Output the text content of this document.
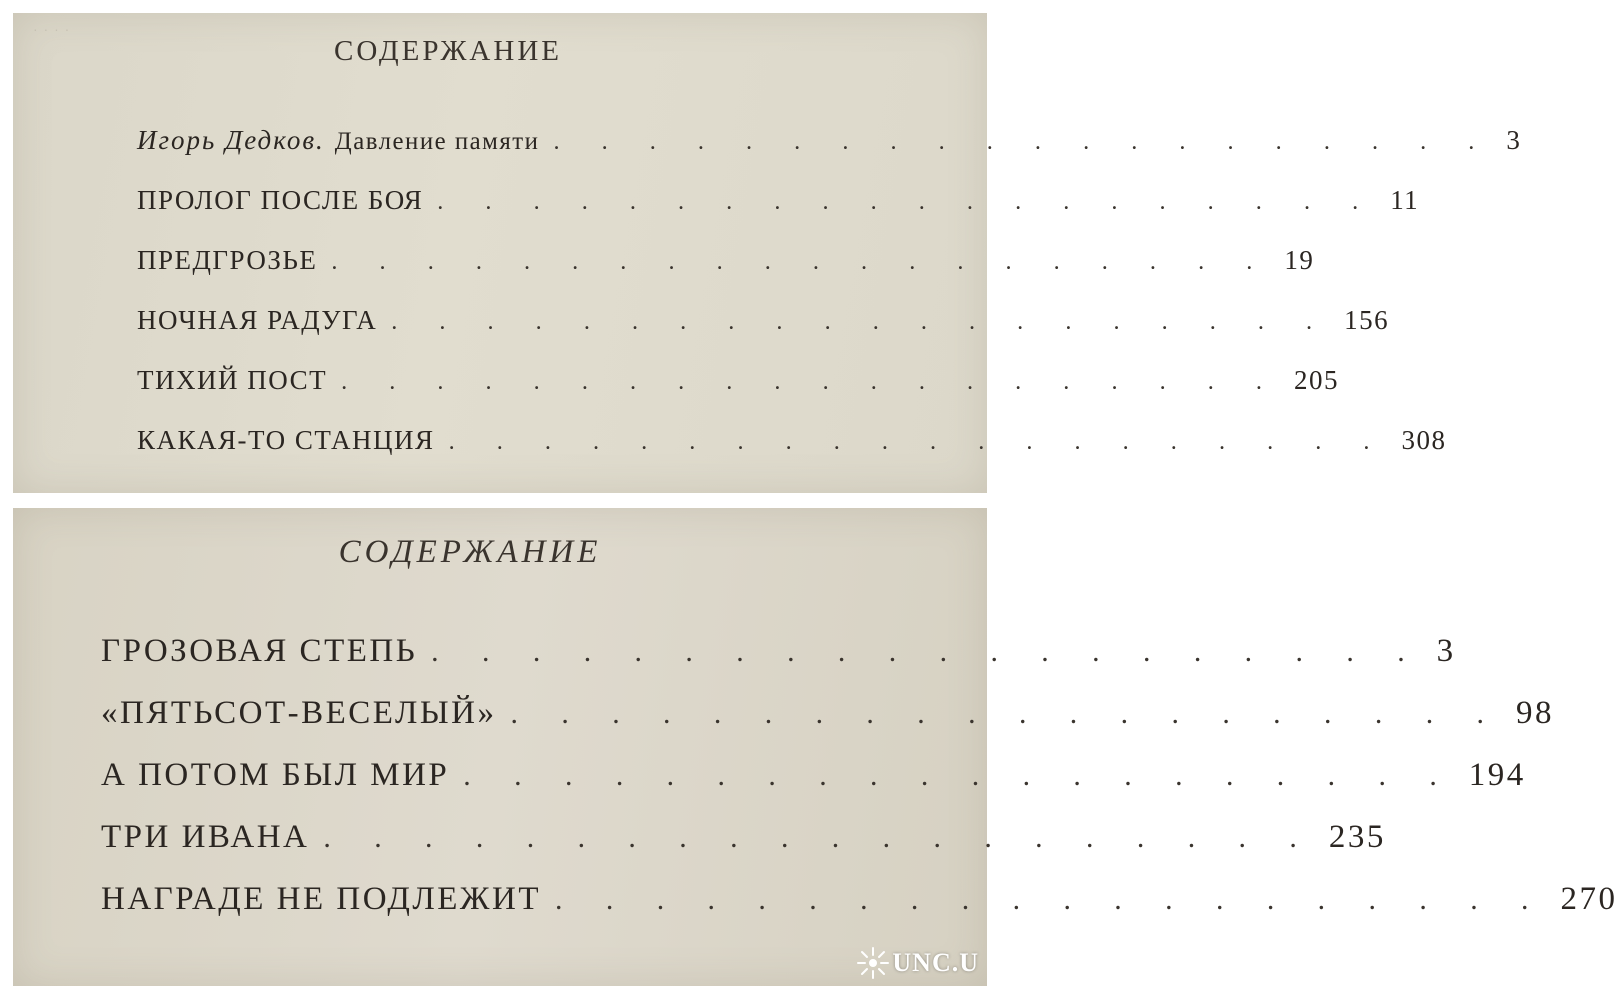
· · · ·
СОДЕРЖАНИЕ
Игорь Дедков. Давление памяти . . . . . . . . . . . . . . . . . . . . 3
ПРОЛОГ ПОСЛЕ БОЯ . . . . . . . . . . . . . . . . . . . . 11
ПРЕДГРОЗЬЕ . . . . . . . . . . . . . . . . . . . . 19
НОЧНАЯ РАДУГА . . . . . . . . . . . . . . . . . . . . 156
ТИХИЙ ПОСТ . . . . . . . . . . . . . . . . . . . . 205
КАКАЯ-ТО СТАНЦИЯ . . . . . . . . . . . . . . . . . . . . 308
СОДЕРЖАНИЕ
ГРОЗОВАЯ СТЕПЬ . . . . . . . . . . . . . . . . . . . . 3
«ПЯТЬСОТ-ВЕСЕЛЫЙ» . . . . . . . . . . . . . . . . . . . . 98
А ПОТОМ БЫЛ МИР . . . . . . . . . . . . . . . . . . . . 194
ТРИ ИВАНА . . . . . . . . . . . . . . . . . . . . 235
НАГРАДЕ НЕ ПОДЛЕЖИТ . . . . . . . . . . . . . . . . . . . . 270
UNC.U
